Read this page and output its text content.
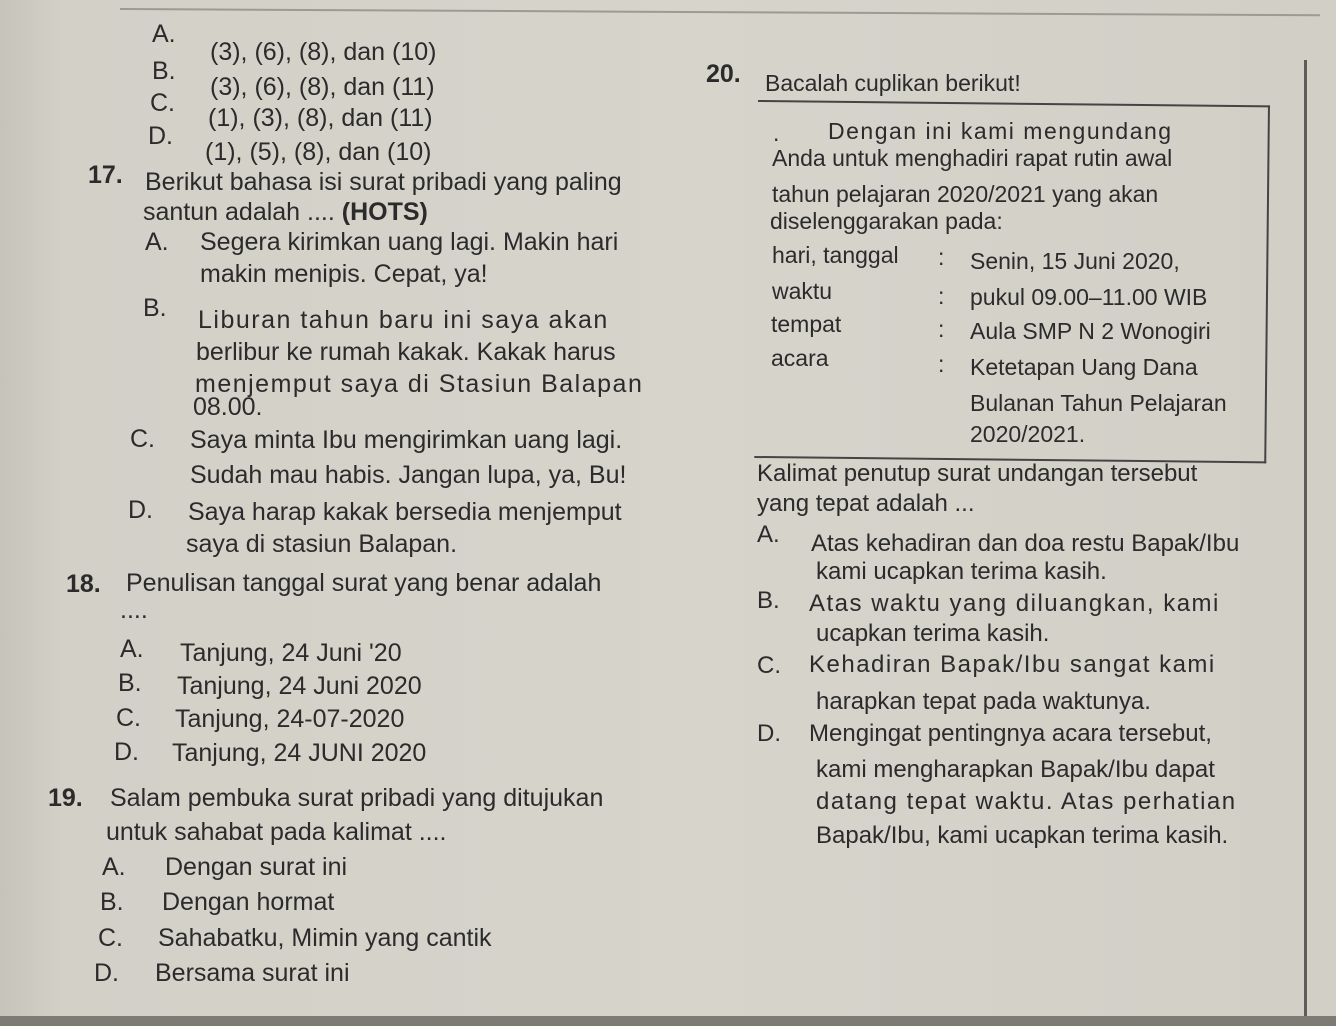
A.
(3), (6), (8), dan (10)
B.
(3), (6), (8), dan (11)
C.
(1), (3), (8), dan (11)
D.
(1), (5), (8), dan (10)
17. Berikut bahasa isi surat pribadi yang paling
santun adalah .... (HOTS)
A. Segera kirimkan uang lagi. Makin hari
makin menipis. Cepat, ya!
B. Liburan tahun baru ini saya akan
berlibur ke rumah kakak. Kakak harus
menjemput saya di Stasiun Balapan
08.00.
C. Saya minta Ibu mengirimkan uang lagi.
Sudah mau habis. Jangan lupa, ya, Bu!
D. Saya harap kakak bersedia menjemput
saya di stasiun Balapan.
18. Penulisan tanggal surat yang benar adalah
....
A. Tanjung, 24 Juni '20
B. Tanjung, 24 Juni 2020
C. Tanjung, 24-07-2020
D. Tanjung, 24 JUNI 2020
19. Salam pembuka surat pribadi yang ditujukan
untuk sahabat pada kalimat ....
A. Dengan surat ini
B. Dengan hormat
C. Sahabatku, Mimin yang cantik
D. Bersama surat ini
20. Bacalah cuplikan berikut!
. Dengan ini kami mengundang
Anda untuk menghadiri rapat rutin awal
tahun pelajaran 2020/2021 yang akan
diselenggarakan pada:
hari, tanggal : Senin, 15 Juni 2020,
waktu	: pukul 09.00–11.00 WIB
tempat	: Aula SMP N 2 Wonogiri
acara	: Ketetapan Uang Dana
Bulanan Tahun Pelajaran
2020/2021.
Kalimat penutup surat undangan tersebut
yang tepat adalah ...
A. Atas kehadiran dan doa restu Bapak/Ibu
kami ucapkan terima kasih.
B. Atas waktu yang diluangkan, kami
ucapkan terima kasih.
C. Kehadiran Bapak/Ibu sangat kami
harapkan tepat pada waktunya.
D. Mengingat pentingnya acara tersebut,
kami mengharapkan Bapak/Ibu dapat
datang tepat waktu. Atas perhatian
Bapak/Ibu, kami ucapkan terima kasih.
